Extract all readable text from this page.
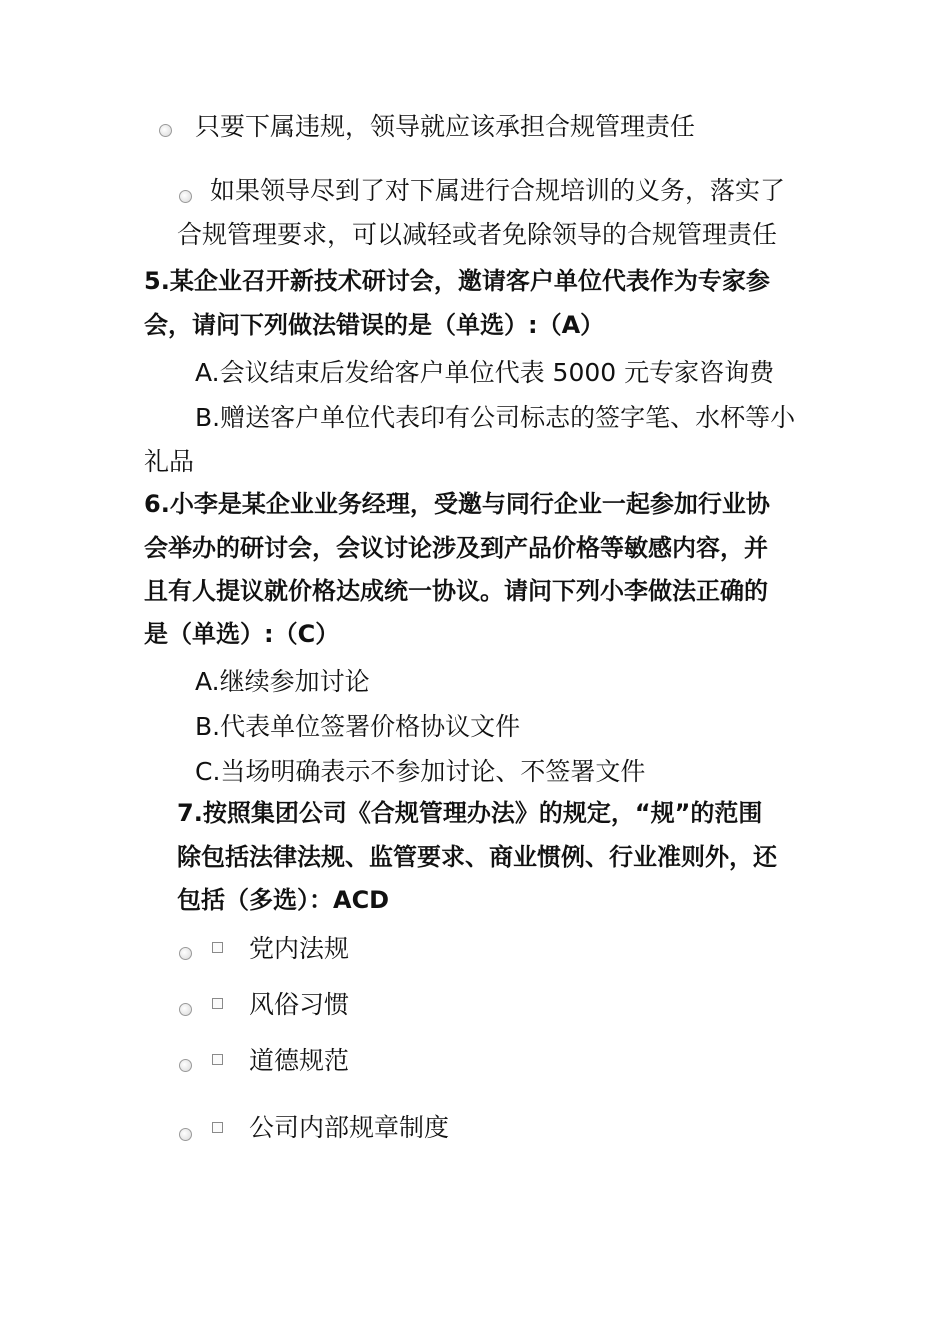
只要下属违规，领导就应该承担合规管理责任
如果领导尽到了对下属进行合规培训的义务，落实了
合规管理要求，可以减轻或者免除领导的合规管理责任
5.某企业召开新技术研讨会，邀请客户单位代表作为专家参
会，请问下列做法错误的是（单选）:（A）
A.会议结束后发给客户单位代表 5000 元专家咨询费
B.赠送客户单位代表印有公司标志的签字笔、水杯等小
礼品
6.小李是某企业业务经理，受邀与同行企业一起参加行业协
会举办的研讨会，会议讨论涉及到产品价格等敏感内容，并
且有人提议就价格达成统一协议。请问下列小李做法正确的
是（单选）:（C）
A.继续参加讨论
B.代表单位签署价格协议文件
C.当场明确表示不参加讨论、不签署文件
7.按照集团公司《合规管理办法》的规定，“规”的范围
除包括法律法规、监管要求、商业惯例、行业准则外，还
包括（多选）：ACD
党内法规
风俗习惯
道德规范
公司内部规章制度
